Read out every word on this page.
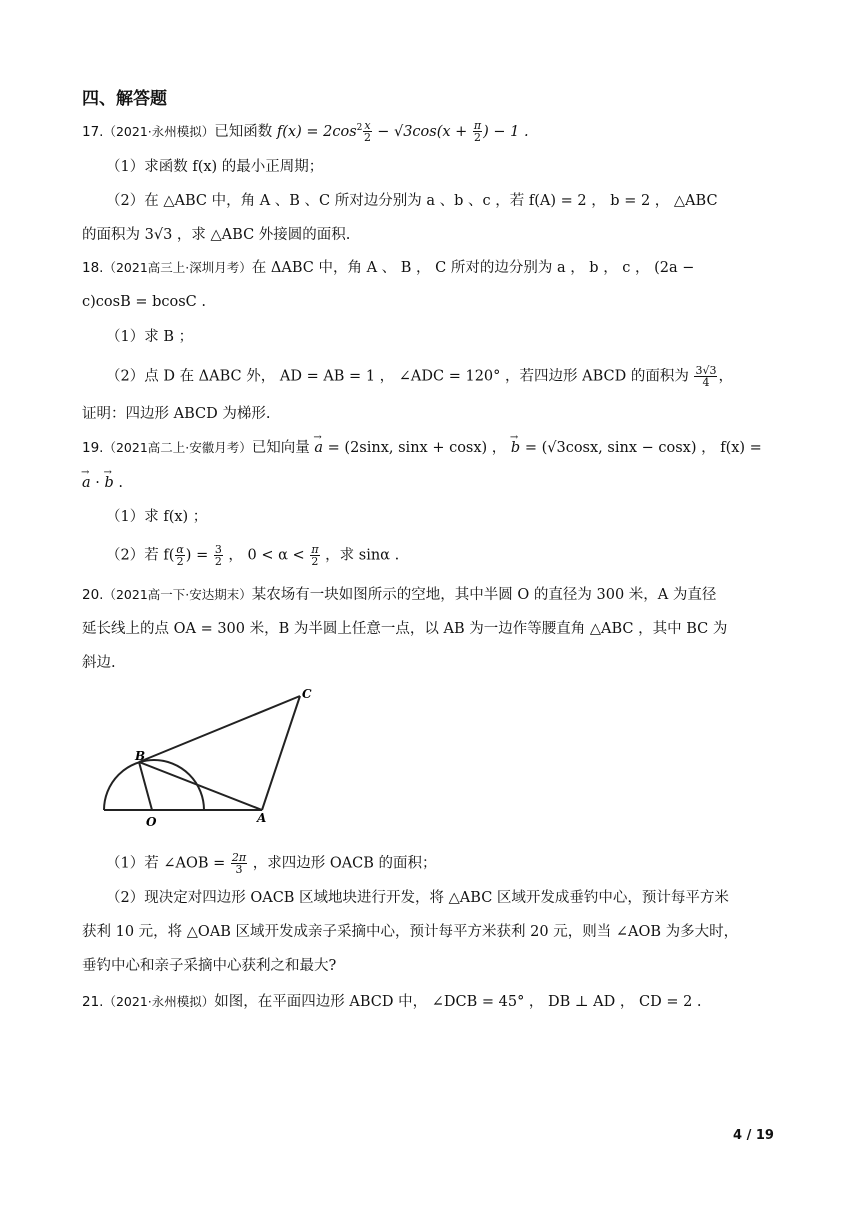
四、解答题
17.（2021·永州模拟）已知函数 $f(x) = 2\cos^2 \frac{x}{2} - √3\cos(x + \frac{\pi}{2}$ ) − 1 .
（1）求函数 f(x) 的最小正周期；
（2）在 △ABC 中，角 A 、B 、C 所对边分别为 a 、b 、c ，若 f(A) = 2 ， b = 2 ， △ABC
的面积为 3√3 ，求 △ABC 外接圆的面积.
18.（2021高三上·深圳月考）在 ΔABC 中，角 A 、 B ， C 所对的边分别为 a ， b ， c ， (2a −
c)cosB = bcosC .
（1）求 B ；
（2）点 D 在 ΔABC 外， AD = AB = 1 ， ∠ADC = 120° ，若四边形 ABCD 的面积为 $\frac{3√3}{4}$ ，
证明：四边形 ABCD 为梯形.
19.（2021高二上·安徽月考）已知向量 → a = (2sinx, sinx + cosx) ， → b = (√3cosx, sinx − cosx) ， f(x) =
→ a · → b .
（1）求 f(x) ；
（2）若 $f( \frac{\alpha}{2}$ ) = $\frac{3}{2}$ ， $0 < \alpha < \frac{\pi}{2}$ ，求 sinα .
20.（2021高一下·安达期末）某农场有一块如图所示的空地，其中半圆 O 的直径为 300 米，A 为直径
延长线上的点 OA = 300 米，B 为半圆上任意一点，以 AB 为一边作等腰直角 △ABC ，其中 BC 为
斜边.
C
B
O	A
（1）若 ∠AOB = $\frac{2\pi}{3}$ ，求四边形 OACB 的面积；
（2）现决定对四边形 OACB 区域地块进行开发，将 △ABC 区域开发成垂钓中心，预计每平方米
获利 10 元，将 △OAB 区域开发成亲子采摘中心，预计每平方米获利 20 元，则当 ∠AOB 为多大时，
垂钓中心和亲子采摘中心获利之和最大?
21.（2021·永州模拟）如图，在平面四边形 ABCD 中， ∠DCB = 45° ， DB ⊥ AD ， CD = 2 .
4 / 19
